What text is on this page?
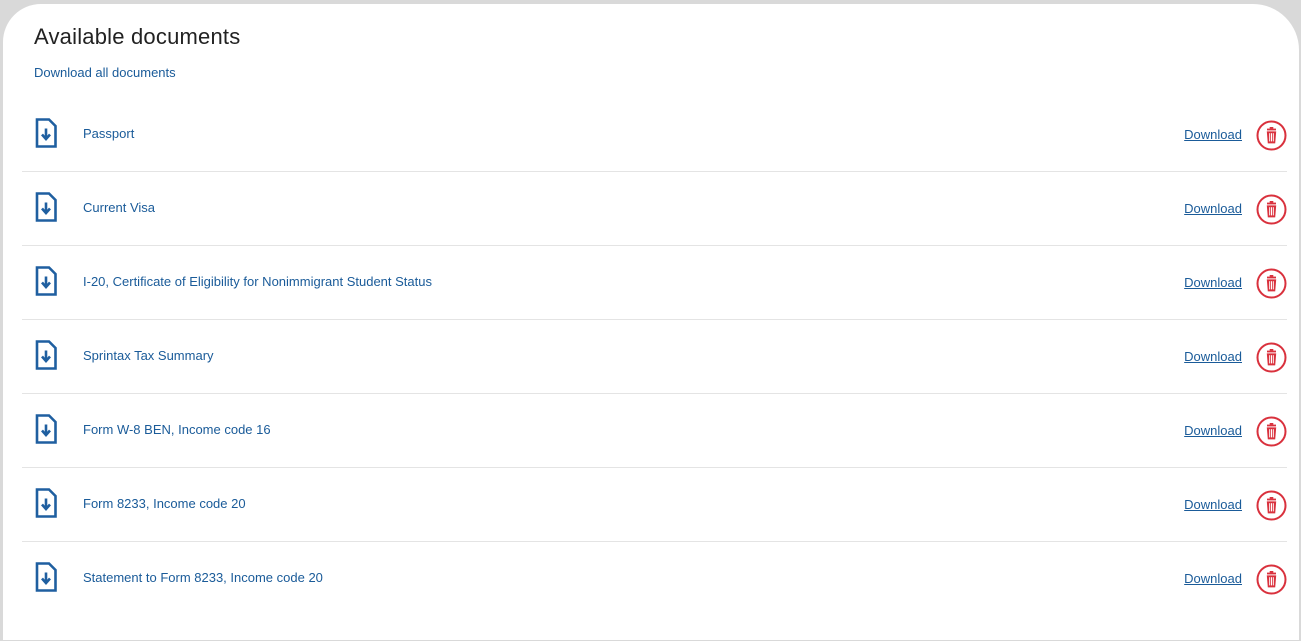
Available documents
Download all documents
Passport	Download
Current Visa	Download
I-20, Certificate of Eligibility for Nonimmigrant Student Status	Download
Sprintax Tax Summary	Download
Form W-8 BEN, Income code 16	Download
Form 8233, Income code 20	Download
Statement to Form 8233, Income code 20	Download
